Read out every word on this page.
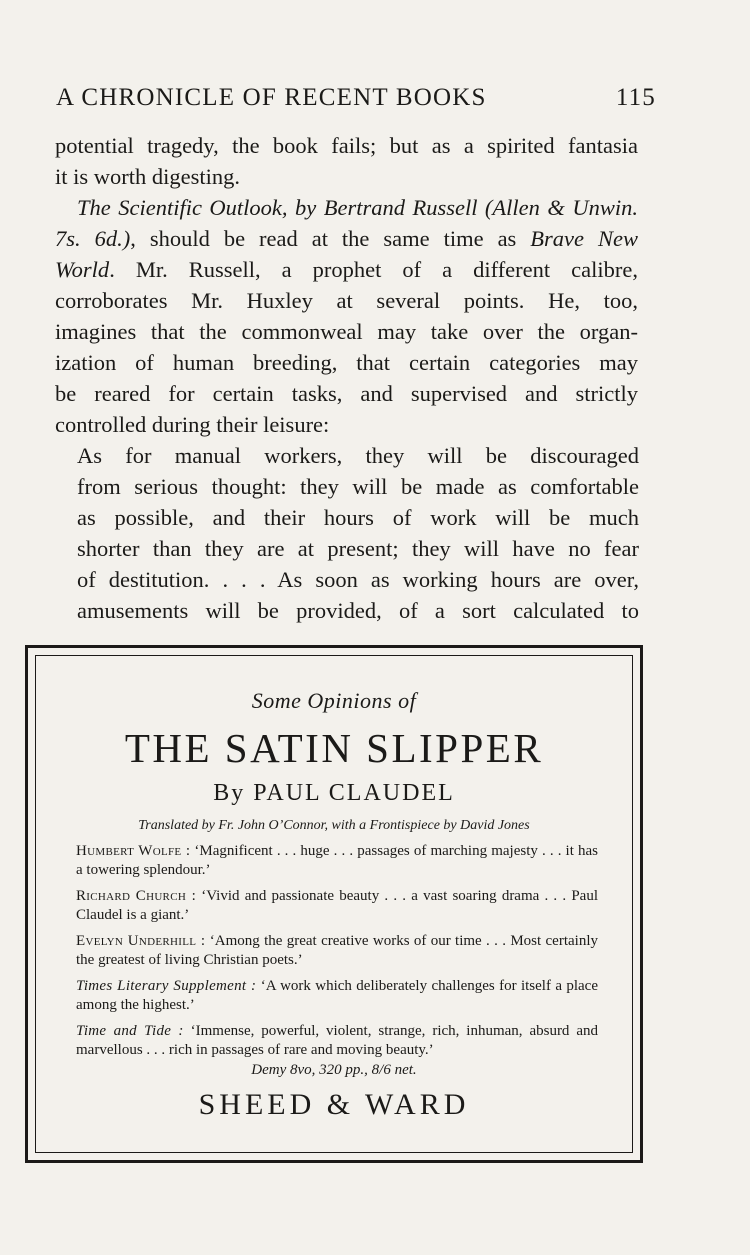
A CHRONICLE OF RECENT BOOKS	115
potential tragedy, the book fails; but as a spirited fantasia
it is worth digesting.
The Scientific Outlook, by Bertrand Russell (Allen & Unwin.
7s. 6d.), should be read at the same time as Brave New
World. Mr. Russell, a prophet of a different calibre,
corroborates Mr. Huxley at several points. He, too,
imagines that the commonweal may take over the organ-
ization of human breeding, that certain categories may
be reared for certain tasks, and supervised and strictly
controlled during their leisure:
As for manual workers, they will be discouraged
from serious thought: they will be made as comfortable
as possible, and their hours of work will be much
shorter than they are at present; they will have no fear
of destitution. . . . As soon as working hours are over,
amusements will be provided, of a sort calculated to
Some Opinions of
THE SATIN SLIPPER
By PAUL CLAUDEL
Translated by Fr. John O’Connor, with a Frontispiece by David Jones

Humbert Wolfe : ‘Magnificent . . . huge . . . passages of marching majesty . . . it has a towering splendour.’

Richard Church : ‘Vivid and passionate beauty . . . a vast soaring drama . . . Paul Claudel is a giant.’

Evelyn Underhill : ‘Among the great creative works of our time . . . Most certainly the greatest of living Christian poets.’

Times Literary Supplement : ‘A work which deliberately challenges for itself a place among the highest.’

Time and Tide : ‘Immense, powerful, violent, strange, rich, inhuman, absurd and marvellous . . . rich in passages of rare and moving beauty.’

Demy 8vo, 320 pp., 8/6 net.
SHEED & WARD
